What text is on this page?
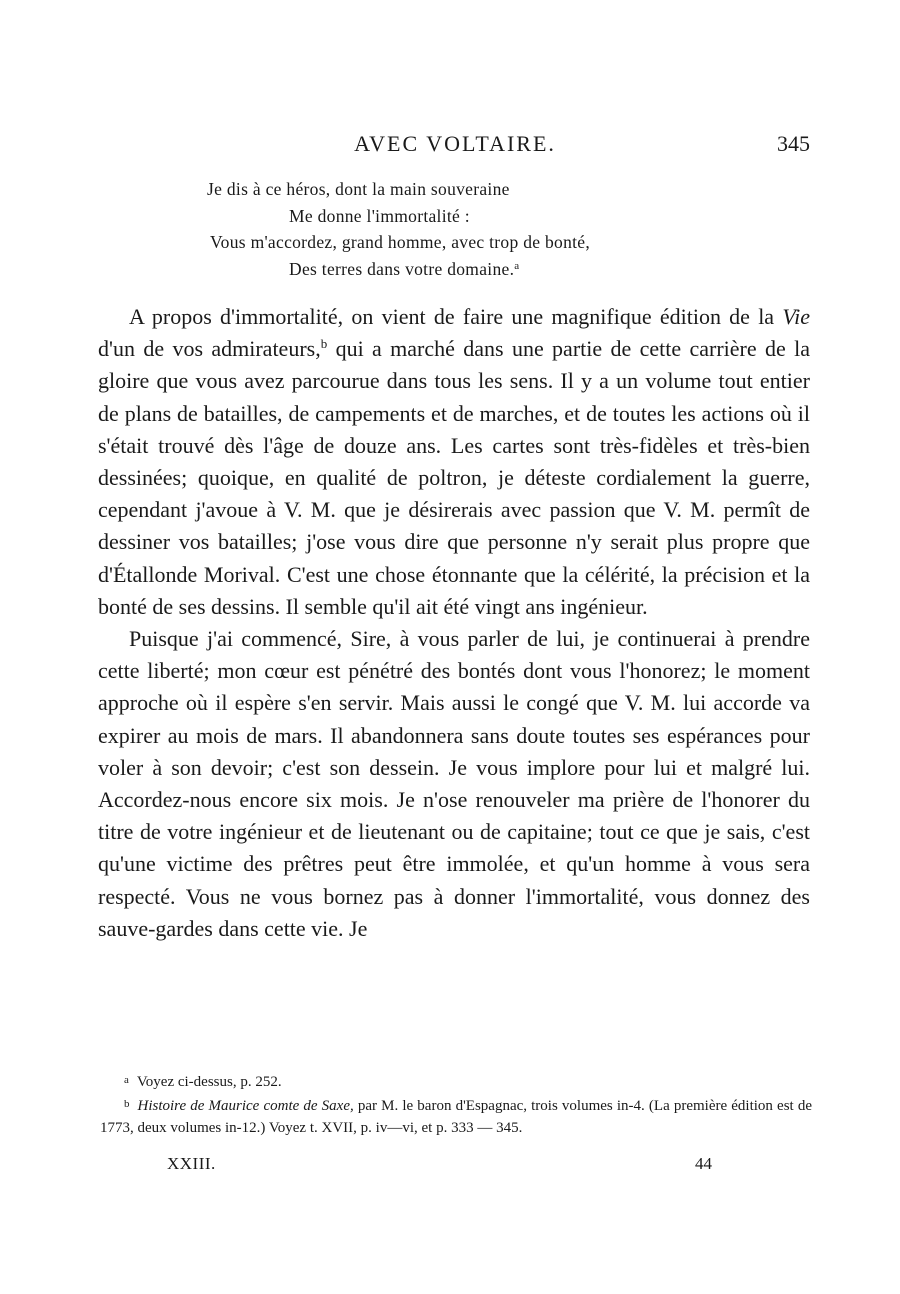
AVEC VOLTAIRE.	345
Je dis à ce héros, dont la main souveraine
Me donne l'immortalité :
Vous m'accordez, grand homme, avec trop de bonté,
Des terres dans votre domaine.$^a$

A propos d'immortalité, on vient de faire une magnifique édition de la Vie d'un de vos admirateurs,$^b$ qui a marché dans une partie de cette carrière de la gloire que vous avez parcourue dans tous les sens. Il y a un volume tout entier de plans de batailles, de campements et de marches, et de toutes les actions où il s'était trouvé dès l'âge de douze ans. Les cartes sont très-fidèles et très-bien dessinées; quoique, en qualité de poltron, je déteste cordialement la guerre, cependant j'avoue à V. M. que je désirerais avec passion que V. M. permît de dessiner vos batailles; j'ose vous dire que personne n'y serait plus propre que d'Étallonde Morival. C'est une chose étonnante que la célérité, la précision et la bonté de ses dessins. Il semble qu'il ait été vingt ans ingénieur.

Puisque j'ai commencé, Sire, à vous parler de lui, je continuerai à prendre cette liberté; mon cœur est pénétré des bontés dont vous l'honorez; le moment approche où il espère s'en servir. Mais aussi le congé que V. M. lui accorde va expirer au mois de mars. Il abandonnera sans doute toutes ses espérances pour voler à son devoir; c'est son dessein. Je vous implore pour lui et malgré lui. Accordez-nous encore six mois. Je n'ose renouveler ma prière de l'honorer du titre de votre ingénieur et de lieutenant ou de capitaine; tout ce que je sais, c'est qu'une victime des prêtres peut être immolée, et qu'un homme à vous sera respecté. Vous ne vous bornez pas à donner l'immortalité, vous donnez des sauve-gardes dans cette vie. Je

$^a$ Voyez ci-dessus, p. 252.

$^b$ Histoire de Maurice comte de Saxe, par M. le baron d'Espagnac, trois volumes in-4. (La première édition est de 1773, deux volumes in-12.) Voyez t. XVII, p. iv—vi, et p. 333 — 345.

XXIII.	44
